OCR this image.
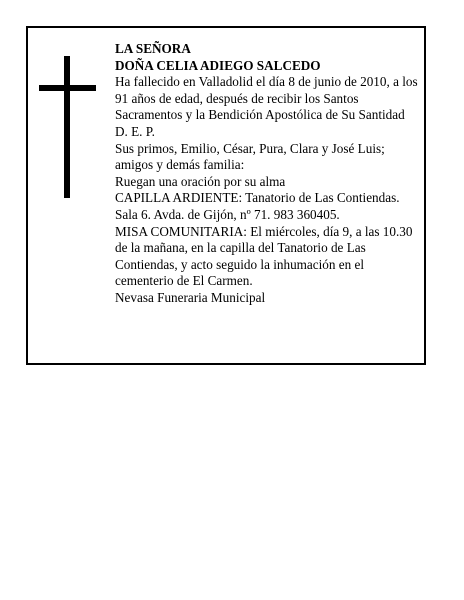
LA SEÑORA

DOÑA CELIA ADIEGO SALCEDO

Ha fallecido en Valladolid el día 8 de junio de 2010, a los 91 años de edad, después de recibir los Santos Sacramentos y la Bendición Apostólica de Su Santidad D. E. P.

Sus primos, Emilio, César, Pura, Clara y José Luis; amigos y demás familia:

Ruegan una oración por su alma

CAPILLA ARDIENTE: Tanatorio de Las Contiendas. Sala 6. Avda. de Gijón, nº 71. 983 360405.

MISA COMUNITARIA: El miércoles, día 9, a las 10.30 de la mañana, en la capilla del Tanatorio de Las Contiendas, y acto seguido la inhumación en el cementerio de El Carmen.

Nevasa Funeraria Municipal
